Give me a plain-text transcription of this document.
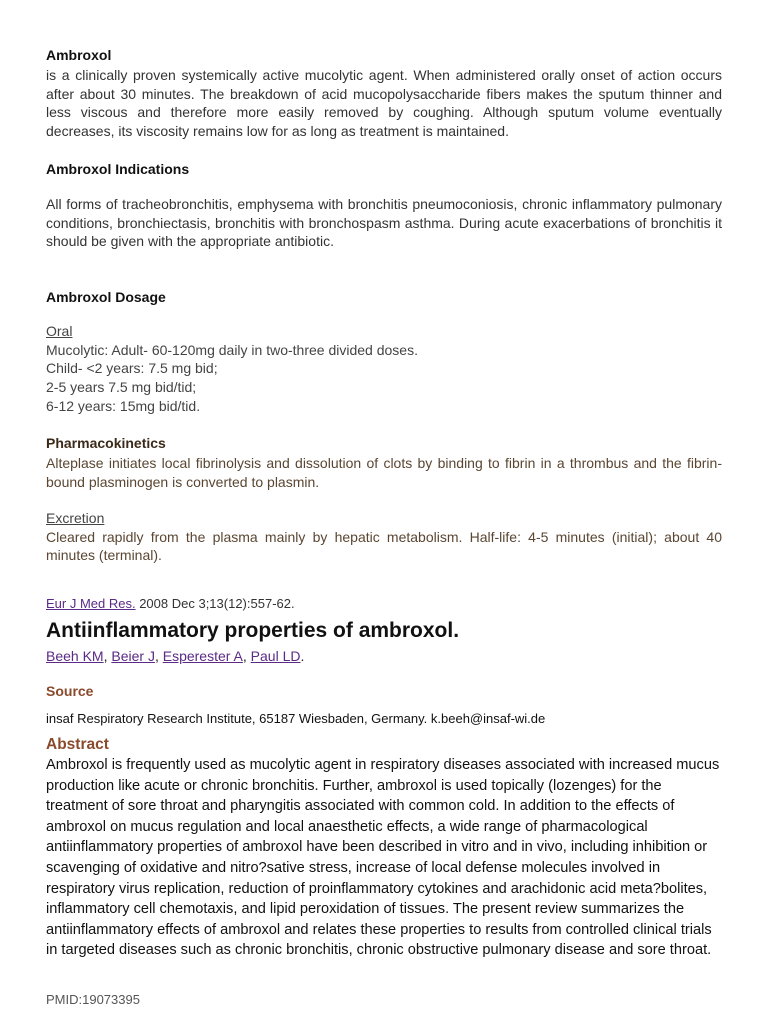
Ambroxol
is a clinically proven systemically active mucolytic agent. When administered orally onset of action occurs after about 30 minutes. The breakdown of acid mucopolysaccharide fibers makes the sputum thinner and less viscous and therefore more easily removed by coughing. Although sputum volume eventually decreases, its viscosity remains low for as long as treatment is maintained.
Ambroxol Indications
All forms of tracheobronchitis, emphysema with bronchitis pneumoconiosis, chronic inflammatory pulmonary conditions, bronchiectasis, bronchitis with bronchospasm asthma. During acute exacerbations of bronchitis it should be given with the appropriate antibiotic.
Ambroxol Dosage
Oral
Mucolytic: Adult- 60-120mg daily in two-three divided doses.
Child- <2 years: 7.5 mg bid;
2-5 years 7.5 mg bid/tid;
6-12 years: 15mg bid/tid.
Pharmacokinetics
Alteplase initiates local fibrinolysis and dissolution of clots by binding to fibrin in a thrombus and the fibrin-bound plasminogen is converted to plasmin.
Excretion
Cleared rapidly from the plasma mainly by hepatic metabolism. Half-life: 4-5 minutes (initial); about 40 minutes (terminal).
Eur J Med Res. 2008 Dec 3;13(12):557-62.
Antiinflammatory properties of ambroxol.
Beeh KM, Beier J, Esperester A, Paul LD.
Source
insaf Respiratory Research Institute, 65187 Wiesbaden, Germany. k.beeh@insaf-wi.de
Abstract
Ambroxol is frequently used as mucolytic agent in respiratory diseases associated with increased mucus production like acute or chronic bronchitis. Further, ambroxol is used topically (lozenges) for the treatment of sore throat and pharyngitis associated with common cold. In addition to the effects of ambroxol on mucus regulation and local anaesthetic effects, a wide range of pharmacological antiinflammatory properties of ambroxol have been described in vitro and in vivo, including inhibition or scavenging of oxidative and nitro?sative stress, increase of local defense molecules involved in respiratory virus replication, reduction of proinflammatory cytokines and arachidonic acid meta?bolites, inflammatory cell chemotaxis, and lipid peroxidation of tissues. The present review summarizes the antiinflammatory effects of ambroxol and relates these properties to results from controlled clinical trials in targeted diseases such as chronic bronchitis, chronic obstructive pulmonary disease and sore throat.
PMID:19073395
